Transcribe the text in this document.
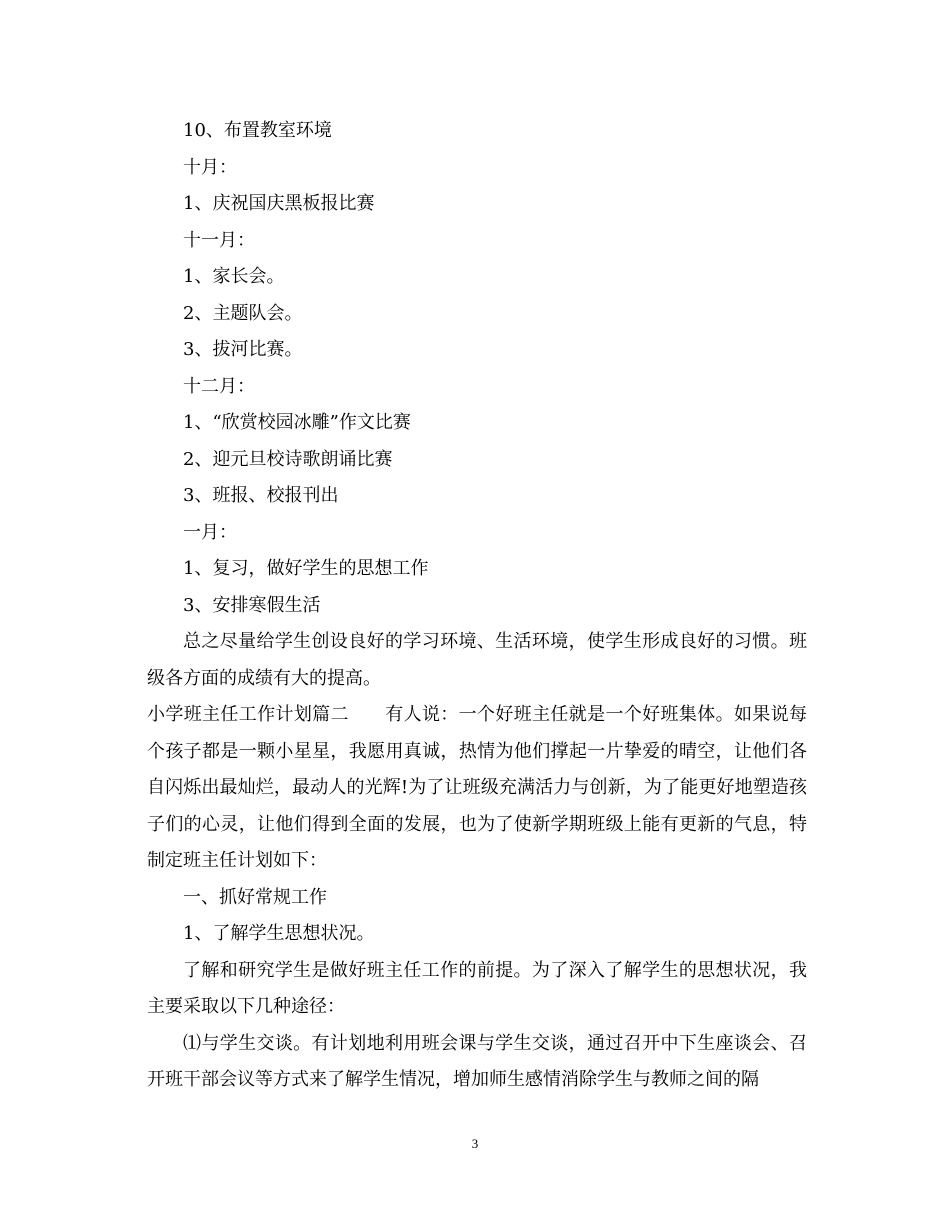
10、布置教室环境
十月：
1、庆祝国庆黑板报比赛
十一月：
1、家长会。
2、主题队会。
3、拔河比赛。
十二月：
1、“欣赏校园冰雕”作文比赛
2、迎元旦校诗歌朗诵比赛
3、班报、校报刊出
一月：
1、复习，做好学生的思想工作
3、安排寒假生活
总之尽量给学生创设良好的学习环境、生活环境，使学生形成良好的习惯。班级各方面的成绩有大的提高。
小学班主任工作计划篇二 有人说：一个好班主任就是一个好班集体。如果说每个孩子都是一颗小星星，我愿用真诚，热情为他们撑起一片挚爱的晴空，让他们各自闪烁出最灿烂，最动人的光辉!为了让班级充满活力与创新，为了能更好地塑造孩子们的心灵，让他们得到全面的发展，也为了使新学期班级上能有更新的气息，特制定班主任计划如下：
一、抓好常规工作
1、了解学生思想状况。
了解和研究学生是做好班主任工作的前提。为了深入了解学生的思想状况，我主要采取以下几种途径：
⑴与学生交谈。有计划地利用班会课与学生交谈，通过召开中下生座谈会、召开班干部会议等方式来了解学生情况，增加师生感情消除学生与教师之间的隔
3
